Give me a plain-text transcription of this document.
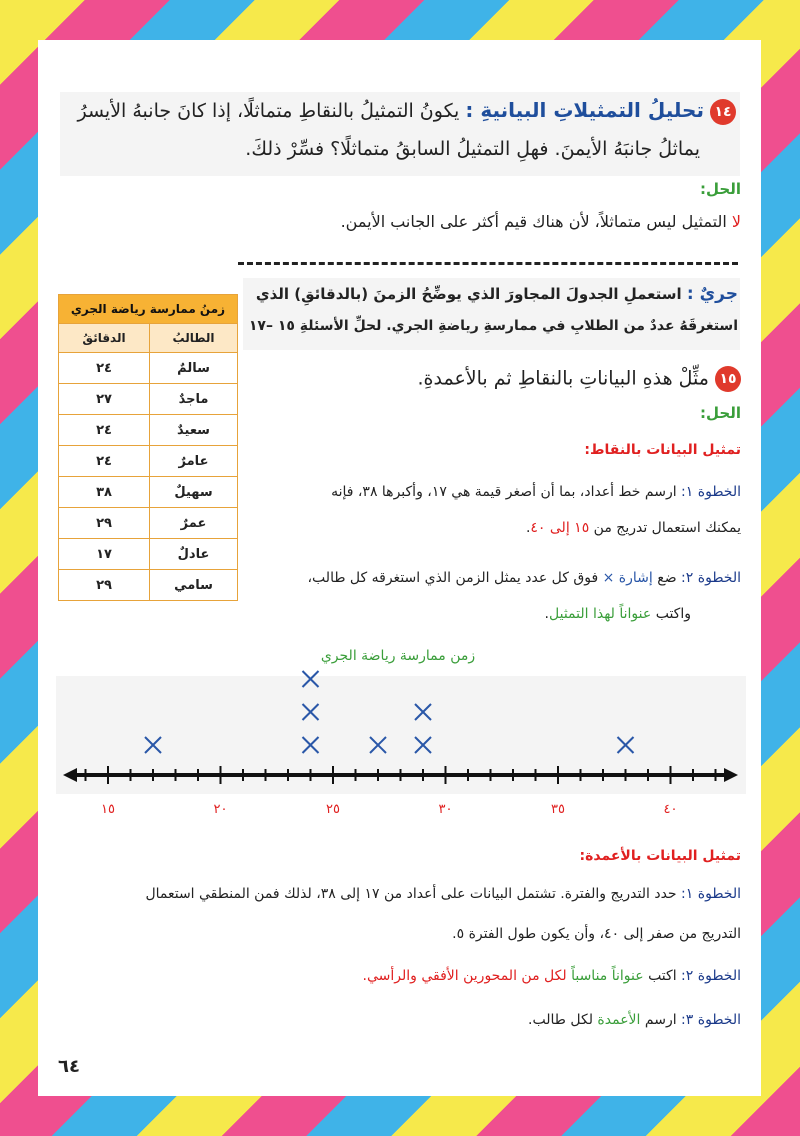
١٤ تحليلُ التمثيلاتِ البيانيةِ : يكونُ التمثيلُ بالنقاطِ متماثلًا، إذا كانَ جانبهُ الأيسرُ
يماثلُ جانبَهُ الأيمنَ. فهلِ التمثيلُ السابقُ متماثلًا؟ فسِّرْ ذلكَ.
الحل:
لا التمثيل ليس متماثلاً، لأن هناك قيم أكثر على الجانب الأيمن.
زمنُ ممارسة رياضة الجري	
الدقائقُ	الطالبُ
٢٤	سالمٌ
٢٧	ماجدٌ
٢٤	سعيدٌ
٢٤	عامرٌ
٣٨	سهيلٌ
٢٩	عمرٌ
١٧	عادلٌ
٢٩	سامي
جريٌ : استعملِ الجدولَ المجاورَ الذي يوضِّحُ الزمنَ (بالدقائقِ) الذي
استغرقَهُ عددٌ من الطلابِ في ممارسةِ رياضةِ الجري. لحلِّ الأسئلةِ ١٥ –١٧
١٥ مثِّلْ هذهِ البياناتِ بالنقاطِ ثم بالأعمدةِ.
الحل:
تمثيل البيانات بالنقاط:
الخطوة ١: ارسم خط أعداد، بما أن أصغر قيمة هي ١٧، وأكبرها ٣٨، فإنه
يمكنك استعمال تدريج من ١٥ إلى ٤٠.
الخطوة ٢: ضع إشارة × فوق كل عدد يمثل الزمن الذي استغرقه كل طالب،
واكتب عنواناً لهذا التمثيل.
زمن ممارسة رياضة الجري
١٥	٢٠	٢٥	٣٠	٣٥	٤٠
تمثيل البيانات بالأعمدة:
الخطوة ١: حدد التدريج والفترة. تشتمل البيانات على أعداد من ١٧ إلى ٣٨، لذلك فمن المنطقي استعمال
التدريج من صفر إلى ٤٠، وأن يكون طول الفترة ٥.
الخطوة ٢: اكتب عنواناً مناسباً لكل من المحورين الأفقي والرأسي.
الخطوة ٣: ارسم الأعمدة لكل طالب.
٦٤
